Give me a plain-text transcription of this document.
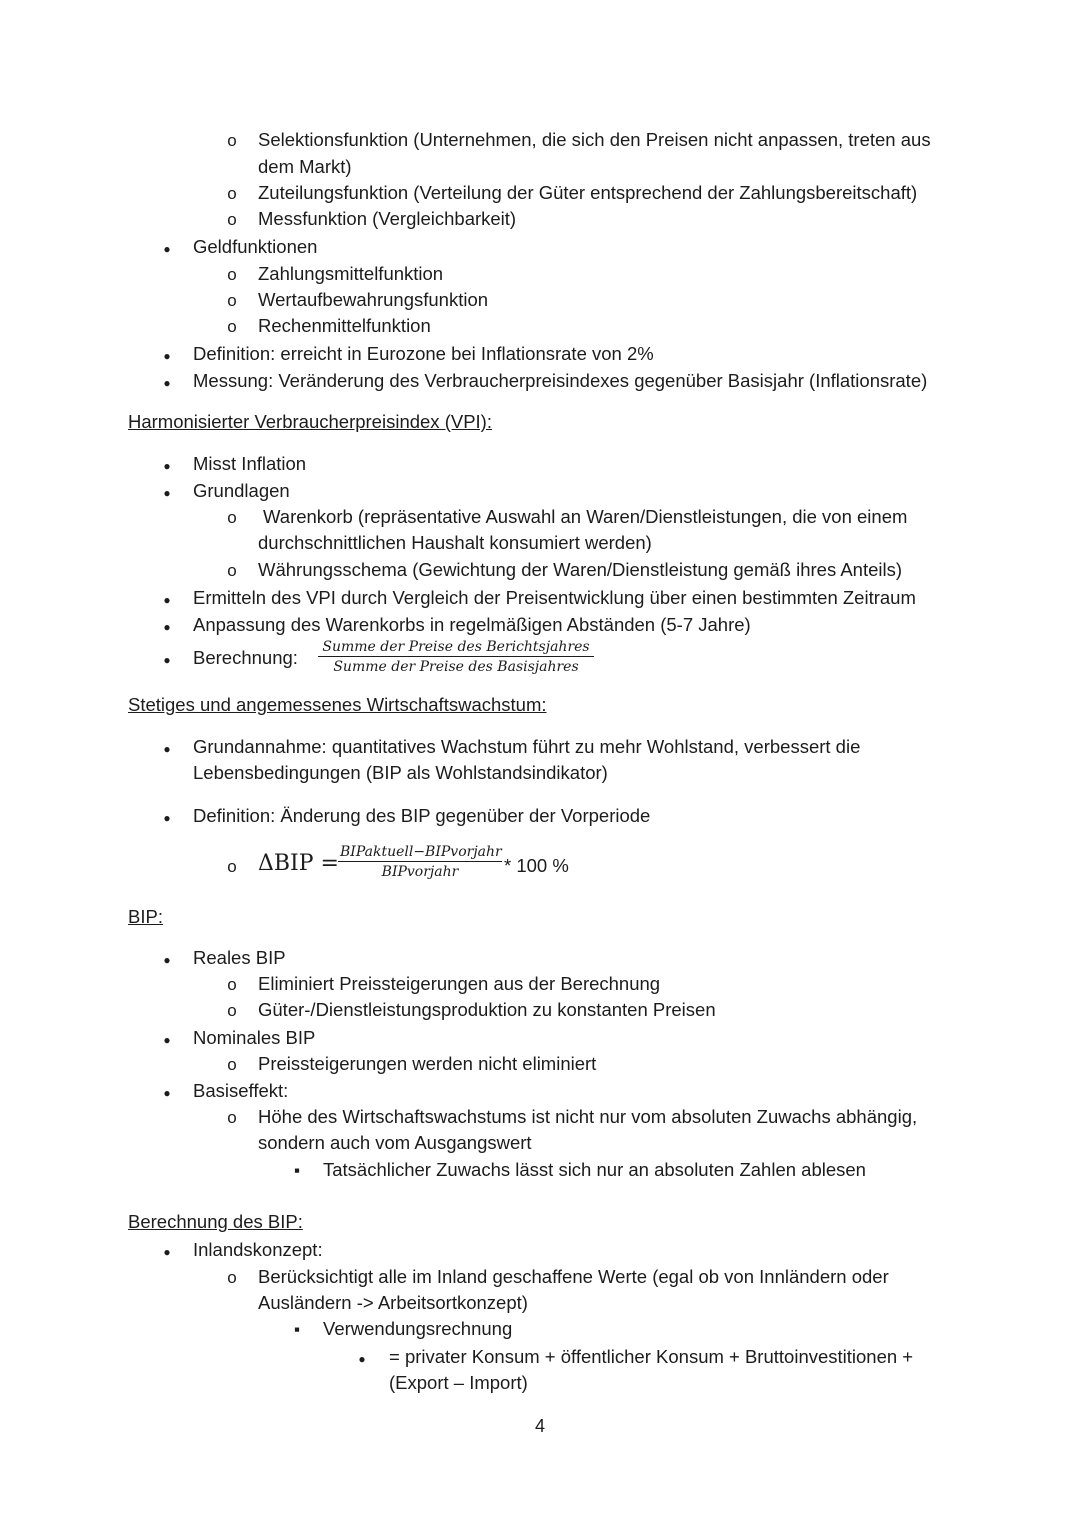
o
Selektionsfunktion (Unternehmen, die sich den Preisen nicht anpassen, treten aus
dem Markt)
o
Zuteilungsfunktion (Verteilung der Güter entsprechend der Zahlungsbereitschaft)
o
Messfunktion (Vergleichbarkeit)
●
Geldfunktionen
o
Zahlungsmittelfunktion
o
Wertaufbewahrungsfunktion
o
Rechenmittelfunktion
●
Definition: erreicht in Eurozone bei Inflationsrate von 2%
●
Messung: Veränderung des Verbraucherpreisindexes gegenüber Basisjahr (Inflationsrate)
Harmonisierter Verbraucherpreisindex (VPI):
●
Misst Inflation
●
Grundlagen
o
Warenkorb (repräsentative Auswahl an Waren/Dienstleistungen, die von einem
durchschnittlichen Haushalt konsumiert werden)
o
Währungsschema (Gewichtung der Waren/Dienstleistung gemäß ihres Anteils)
●
Ermitteln des VPI durch Vergleich der Preisentwicklung über einen bestimmten Zeitraum
●
Anpassung des Warenkorbs in regelmäßigen Abständen (5-7 Jahre)
●
Berechnung:	Summe der Preise des Berichtsjahres
Summe der Preise des Basisjahres
Stetiges und angemessenes Wirtschaftswachstum:
●
Grundannahme: quantitatives Wachstum führt zu mehr Wohlstand, verbessert die
Lebensbedingungen (BIP als Wohlstandsindikator)
●
Definition: Änderung des BIP gegenüber der Vorperiode
o
ΔBIP = BIPaktuell−BIPvorjahr
BIPvorjahr	* 100 %
BIP:
●
Reales BIP
o
Eliminiert Preissteigerungen aus der Berechnung
o
Güter-/Dienstleistungsproduktion zu konstanten Preisen
●
Nominales BIP
o
Preissteigerungen werden nicht eliminiert
●
Basiseffekt:
o
Höhe des Wirtschaftswachstums ist nicht nur vom absoluten Zuwachs abhängig,
sondern auch vom Ausgangswert
▪
Tatsächlicher Zuwachs lässt sich nur an absoluten Zahlen ablesen
Berechnung des BIP:
●
Inlandskonzept:
o
Berücksichtigt alle im Inland geschaffene Werte (egal ob von Innländern oder
Ausländern -> Arbeitsortkonzept)
▪
Verwendungsrechnung
●
= privater Konsum + öffentlicher Konsum + Bruttoinvestitionen +
(Export – Import)
4
